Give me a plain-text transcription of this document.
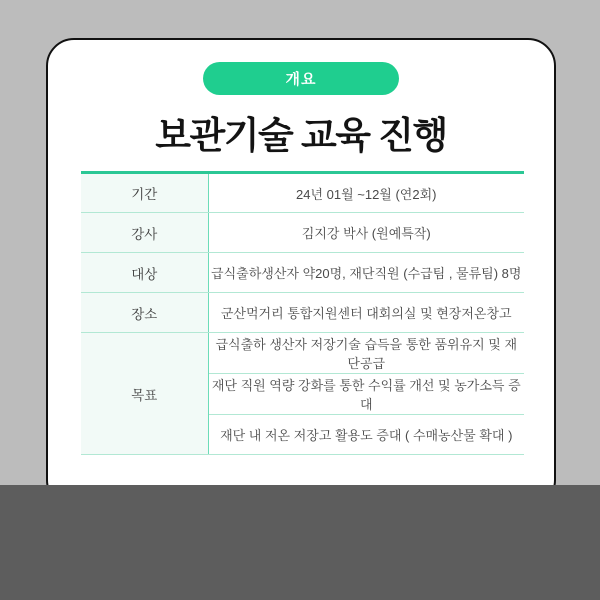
개요
보관기술 교육 진행
기간	24년 01월 ~12월 (연2회)
강사	김지강 박사 (원예특작)
대상	급식출하생산자 약20명, 재단직원 (수급팀 , 물류팀) 8명
장소	군산먹거리 통합지원센터 대회의실 및 현장저온창고
목표	급식출하 생산자 저장기술 습득을 통한 품위유지 및 재단공급
	재단 직원 역량 강화를 통한 수익률 개선 및 농가소득 증대
	재단 내 저온 저장고 활용도 증대 ( 수매농산물 확대 )
